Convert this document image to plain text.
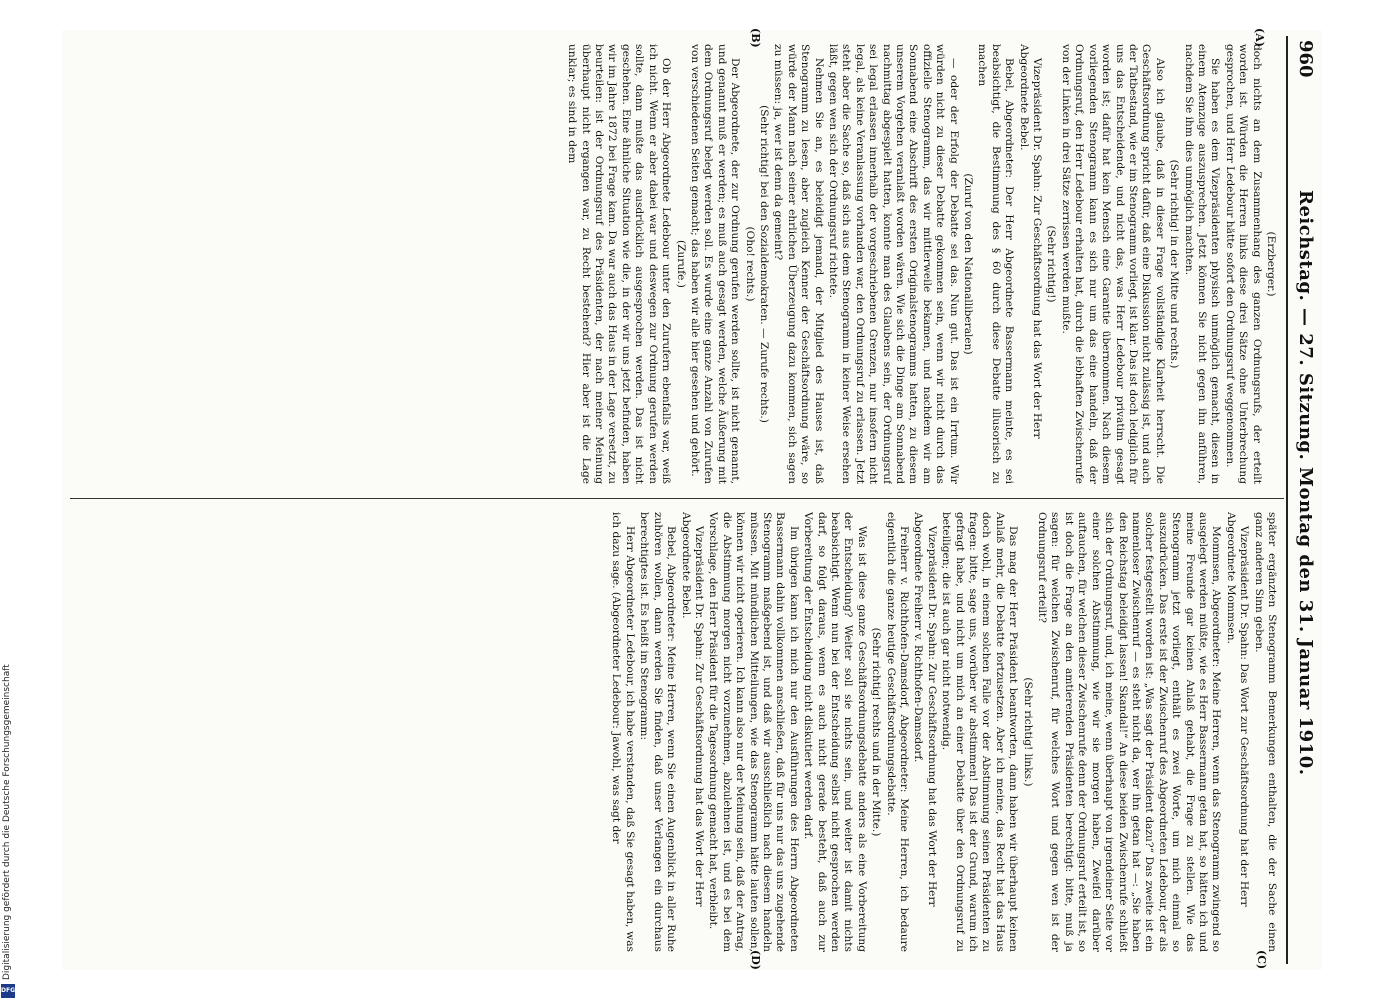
960
Reichstag. — 27. Sitzung. Montag den 31. Januar 1910.
(A)
(B)
(C)
(D)

(Erzberger.)

doch nichts an dem Zusammenhang des ganzen Ordnungsrufs, der erteilt worden ist. Würden die Herren links diese drei Sätze ohne Unterbrechung gesprochen, und Herr Ledebour hätte sofort den Ordnungsruf weggenommen.

Sie haben es dem Vizepräsidenten physisch unmöglich gemacht, diesen in einem Atemzuge auszusprechen. Jetzt können Sie nicht gegen ihn anführen, nachdem Sie ihm dies unmöglich machten.

(Sehr richtig! in der Mitte und rechts.)

Also ich glaube, daß in dieser Frage vollständige Klarheit herrscht. Die Geschäftsordnung spricht dafür, daß eine Diskussion nicht zulässig ist, und auch der Tatbestand, wie er im Stenogramm vorliegt, ist klar. Das ist doch lediglich für uns das Entscheidende, und nicht das, was Herr Ledebour privatim gesagt worden ist; dafür hat kein Mensch eine Garantie übernommen. Nach diesem vorliegenden Stenogramm kann es sich nur um das eine handeln, daß der Ordnungsruf, den Herr Ledebour erhalten hat, durch die lebhaften Zwischenrufe von der Linken in drei Sätze zerrissen werden mußte.

(Sehr richtig!)

Vizepräsident Dr. Spahn: Zur Geschäftsordnung hat das Wort der Herr Abgeordnete Bebel.

Bebel, Abgeordneter: Der Herr Abgeordnete Bassermann meinte, es sei beabsichtigt, die Bestimmung des § 60 durch diese Debatte illusorisch zu machen

(Zuruf von den Nationalliberalen)

— oder der Erfolg der Debatte sei das. Nun gut. Das ist ein Irrtum. Wir würden nicht zu dieser Debatte gekommen sein, wenn wir nicht durch das offizielle Stenogramm, das wir mittlerweile bekamen, und nachdem wir am Sonnabend eine Abschrift des ersten Originalstenogramms hatten, zu diesem unserem Vorgehen veranlaßt worden wären. Wie sich die Dinge am Sonnabend nachmittag abgespielt hatten, konnte man des Glaubens sein, der Ordnungsruf sei legal erlassen innerhalb der vorgeschriebenen Grenzen, nur insofern nicht legal, als keine Veranlassung vorhanden war, den Ordnungsruf zu erlassen. Jetzt steht aber die Sache so, daß sich aus dem Stenogramm in keiner Weise ersehen läßt, gegen wen sich der Ordnungsruf richtete.

Nehmen Sie an, es beleidigt jemand, der Mitglied des Hauses ist, daß Stenogramm zu lesen, aber zugleich Kenner der Geschäftsordnung wäre, so würde der Mann nach seiner ehrlichen Überzeugung dazu kommen, sich sagen zu müssen: ja, wer ist denn da gemeint?

(Sehr richtig! bei den Sozialdemokraten. — Zurufe rechts.)

(Oho! rechts.)

Der Abgeordnete, der zur Ordnung gerufen werden sollte, ist nicht genannt, und genannt muß er werden; es muß auch gesagt werden, welche Äußerung mit dem Ordnungsruf belegt werden soll. Es wurde eine ganze Anzahl von Zurufen von verschiedenen Seiten gemacht; das haben wir alle hier gesehen und gehört.

(Zurufe.)

Ob der Herr Abgeordnete Ledebour unter den Zurufern ebenfalls war, weiß ich nicht. Wenn er aber dabei war und deswegen zur Ordnung gerufen werden sollte, dann mußte das ausdrücklich ausgesprochen werden. Das ist nicht geschehen. Eine ähnliche Situation wie die, in der wir uns jetzt befinden, haben wir im Jahre 1872 bei Frage kam. Da war auch das Haus in der Lage versetzt, zu beurteilen: ist der Ordnungsruf des Präsidenten, der nach meiner Meinung überhaupt nicht ergangen war, zu Recht bestehend? Hier aber ist die Lage unklar; es sind in dem

später ergänzten Stenogramm Bemerkungen enthalten, die der Sache einen ganz anderen Sinn geben.

Vizepräsident Dr. Spahn: Das Wort zur Geschäftsordnung hat der Herr Abgeordnete Mommsen.

Mommsen, Abgeordneter: Meine Herren, wenn das Stenogramm zwingend so ausgelegt werden müßte, wie es Herr Bassermann getan hat, so hätten ich und meine Freunde gar keinen Anlaß gehabt, die Frage zu stellen. Wie das Stenogramm jetzt vorliegt, enthält es zwei Worte, um mich einmal so auszudrücken. Das erste ist der Zwischenruf des Abgeordneten Ledebour, der als solcher festgestellt worden ist: „Was sagt der Präsident dazu?“ Das zweite ist ein namenloser Zwischenruf — es steht nicht da, wer ihn getan hat —: „Sie haben den Reichstag beleidigt lassen! Skandal!“ An diese beiden Zwischenrufe schließt sich der Ordnungsruf, und, ich meine, wenn überhaupt von irgendeiner Seite vor einer solchen Abstimmung, wie wir sie morgen haben, Zweifel darüber auftauchen, für welchen dieser Zwischenrufe denn der Ordnungsruf erteilt ist, so ist doch die Frage an den amtierenden Präsidenten berechtigt: bitte, muß ja sagen: für welchen Zwischenruf, für welches Wort und gegen wen ist der Ordnungsruf erteilt?

(Sehr richtig! links.)

Das mag der Herr Präsident beantworten, dann haben wir überhaupt keinen Anlaß mehr, die Debatte fortzusetzen. Aber ich meine, das Recht hat das Haus doch wohl, in einem solchen Falle vor der Abstimmung seinen Präsidenten zu fragen: bitte, sage uns, worüber wir abstimmen! Das ist der Grund, warum ich gefragt habe, und nicht um mich an einer Debatte über den Ordnungsruf zu beteiligen; die ist auch gar nicht notwendig.

Vizepräsident Dr. Spahn: Zur Geschäftsordnung hat das Wort der Herr Abgeordnete Freiherr v. Richthofen-Damsdorf.

Freiherr v. Richthofen-Damsdorf, Abgeordneter: Meine Herren, ich bedaure eigentlich die ganze heutige Geschäftsordnungsdebatte.

(Sehr richtig! rechts und in der Mitte.)

Was ist diese ganze Geschäftsordnungsdebatte anders als eine Vorbereitung der Entscheidung? Weiter soll sie nichts sein, und weiter ist damit nichts beabsichtigt. Wenn nun bei der Entscheidung selbst nicht gesprochen werden darf, so folgt daraus, wenn es auch nicht gerade besteht, daß auch zur Vorbereitung der Entscheidung nicht diskutiert werden darf.

Im übrigen kann ich mich nur den Ausführungen des Herrn Abgeordneten Bassermann dahin vollkommen anschließen, daß für uns nur das uns zugehende Stenogramm maßgebend ist, und daß wir ausschließlich nach diesem handeln müssen. Mit mündlichen Mitteilungen, wie das Stenogramm hätte lauten sollen, können wir nicht operieren. Ich kann also nur der Meinung sein, daß der Antrag, die Abstimmung morgen nicht vorzunehmen, abzulehnen ist, und es bei dem Vorschlage, den Herr Präsident für die Tagesordnung gemacht hat, verbleibt.

Vizepräsident Dr. Spahn: Zur Geschäftsordnung hat das Wort der Herr Abgeordnete Bebel.

Bebel, Abgeordneter: Meine Herren, wenn Sie einen Augenblick in aller Ruhe zuhören wollen, dann werden Sie finden, daß unser Verlangen ein durchaus berechtigtes ist. Es heißt im Stenogramm:

Herr Abgeordneter Ledebour, ich habe verstanden, daß Sie gesagt haben, was ich dazu sage. (Abgeordneter Ledebour: Jawohl, was sagt der

Digitalisierung gefördert durch die Deutsche Forschungsgemeinschaft
DFG
